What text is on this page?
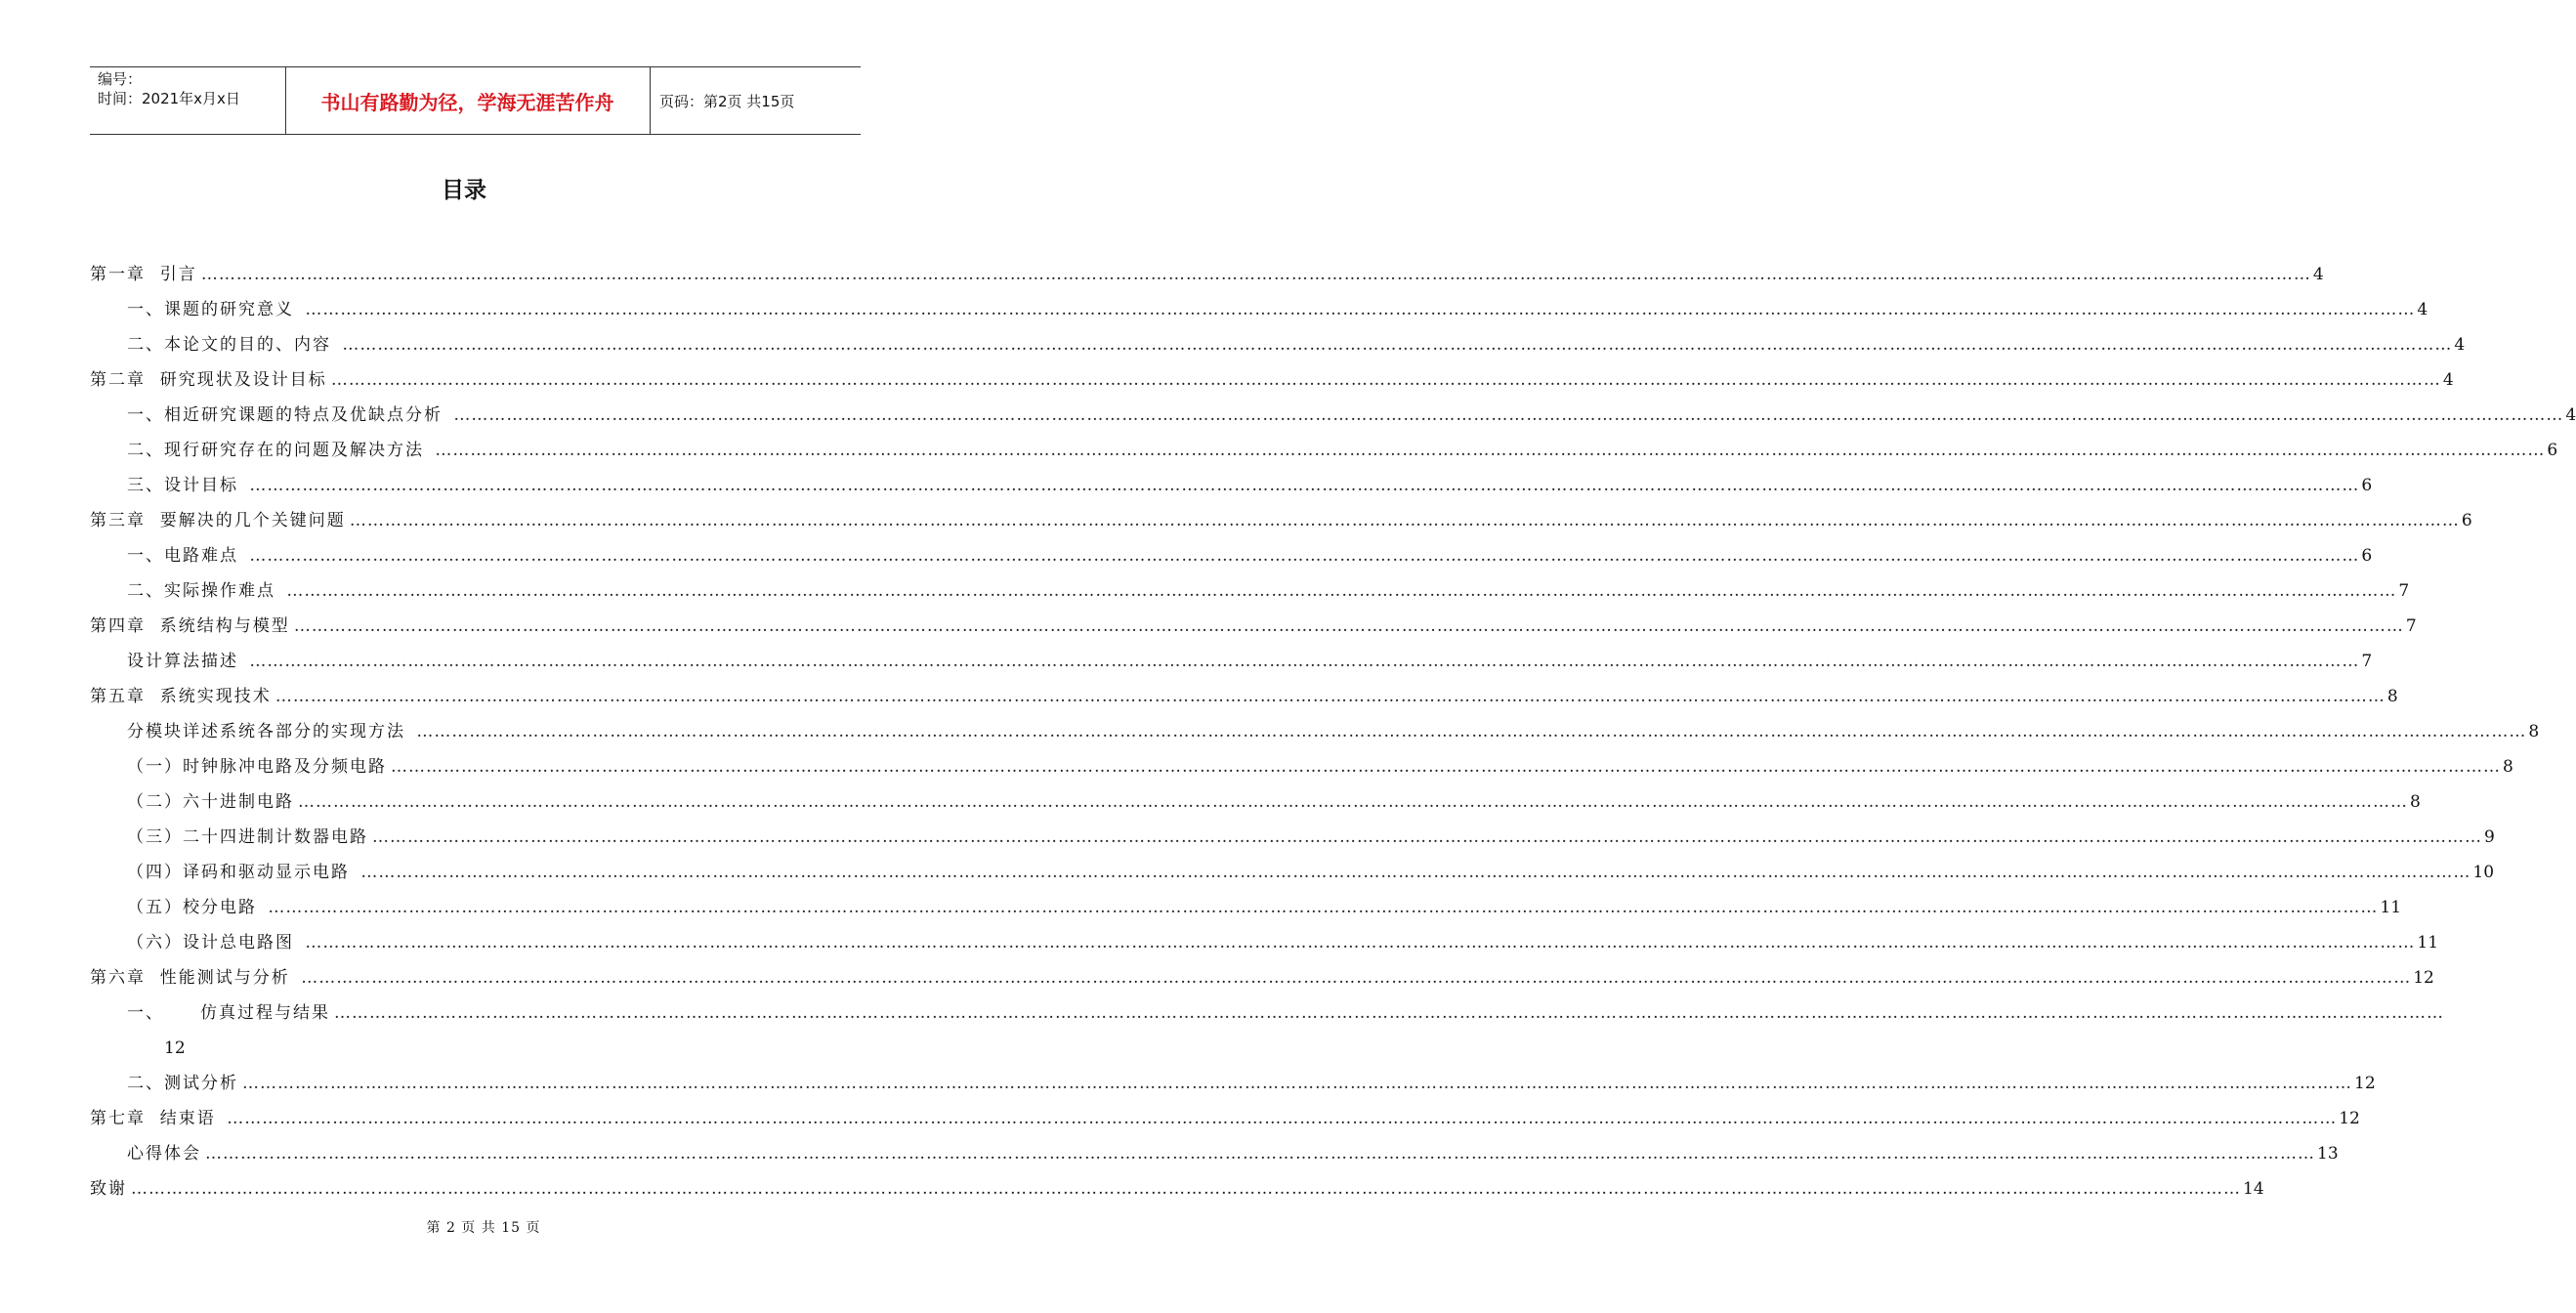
编号：
时间：2021年x月x日	书山有路勤为径，学海无涯苦作舟	页码：第2页 共15页
目录
第一章  引言 ……………………………………………………………………………………………………………………………………………………………………………………………………………………………………………………………………………………………………………………………… 4
一、课题的研究意义 ……………………………………………………………………………………………………………………………………………………………………………………………………………………………………………………………………………………………………………………………… 4
二、本论文的目的、内容 ……………………………………………………………………………………………………………………………………………………………………………………………………………………………………………………………………………………………………………………………… 4
第二章  研究现状及设计目标 ……………………………………………………………………………………………………………………………………………………………………………………………………………………………………………………………………………………………………………………………… 4
一、相近研究课题的特点及优缺点分析 ……………………………………………………………………………………………………………………………………………………………………………………………………………………………………………………………………………………………………………………………… 4
二、现行研究存在的问题及解决方法 ……………………………………………………………………………………………………………………………………………………………………………………………………………………………………………………………………………………………………………………………… 6
三、设计目标 ……………………………………………………………………………………………………………………………………………………………………………………………………………………………………………………………………………………………………………………………… 6
第三章  要解决的几个关键问题 ……………………………………………………………………………………………………………………………………………………………………………………………………………………………………………………………………………………………………………………………… 6
一、电路难点 ……………………………………………………………………………………………………………………………………………………………………………………………………………………………………………………………………………………………………………………………… 6
二、实际操作难点 ……………………………………………………………………………………………………………………………………………………………………………………………………………………………………………………………………………………………………………………………… 7
第四章  系统结构与模型 ……………………………………………………………………………………………………………………………………………………………………………………………………………………………………………………………………………………………………………………………… 7
设计算法描述 ……………………………………………………………………………………………………………………………………………………………………………………………………………………………………………………………………………………………………………………………… 7
第五章  系统实现技术 ……………………………………………………………………………………………………………………………………………………………………………………………………………………………………………………………………………………………………………………………… 8
分模块详述系统各部分的实现方法 ……………………………………………………………………………………………………………………………………………………………………………………………………………………………………………………………………………………………………………………………… 8
（一）时钟脉冲电路及分频电路 ……………………………………………………………………………………………………………………………………………………………………………………………………………………………………………………………………………………………………………………………… 8
（二）六十进制电路 ……………………………………………………………………………………………………………………………………………………………………………………………………………………………………………………………………………………………………………………………… 8
（三）二十四进制计数器电路 ……………………………………………………………………………………………………………………………………………………………………………………………………………………………………………………………………………………………………………………………… 9
（四）译码和驱动显示电路 ……………………………………………………………………………………………………………………………………………………………………………………………………………………………………………………………………………………………………………………………… 10
（五）校分电路 ……………………………………………………………………………………………………………………………………………………………………………………………………………………………………………………………………………………………………………………………… 11
（六）设计总电路图 ……………………………………………………………………………………………………………………………………………………………………………………………………………………………………………………………………………………………………………………………… 11
第六章  性能测试与分析 ……………………………………………………………………………………………………………………………………………………………………………………………………………………………………………………………………………………………………………………………… 12
一、     仿真过程与结果 ………………………………………………………………………………………………………………………………………………………………………………………………………………………………………………………………………………………………………………………………
12
二、测试分析 ……………………………………………………………………………………………………………………………………………………………………………………………………………………………………………………………………………………………………………………………… 12
第七章  结束语 ……………………………………………………………………………………………………………………………………………………………………………………………………………………………………………………………………………………………………………………………… 12
心得体会 ……………………………………………………………………………………………………………………………………………………………………………………………………………………………………………………………………………………………………………………………… 13
致谢 ……………………………………………………………………………………………………………………………………………………………………………………………………………………………………………………………………………………………………………………………… 14
第 2 页 共 15 页
